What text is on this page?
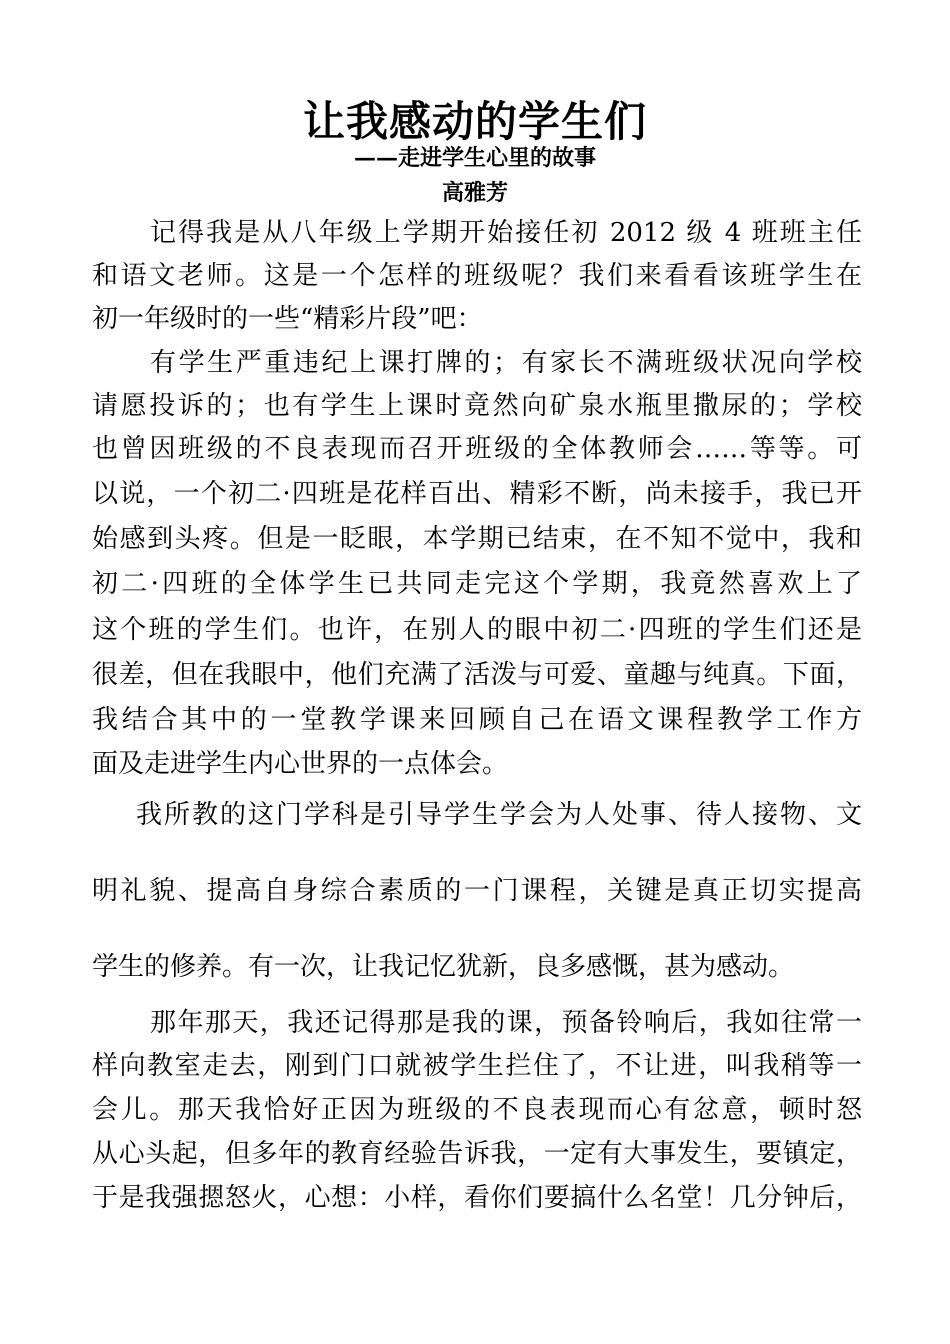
让我感动的学生们
——走进学生心里的故事
高雅芳
记得我是从八年级上学期开始接任初 2012 级 4 班班主任
和语文老师。这是一个怎样的班级呢？我们来看看该班学生在
初一年级时的一些“精彩片段”吧：
有学生严重违纪上课打牌的；有家长不满班级状况向学校
请愿投诉的；也有学生上课时竟然向矿泉水瓶里撒尿的；学校
也曾因班级的不良表现而召开班级的全体教师会……等等。可
以说，一个初二·四班是花样百出、精彩不断，尚未接手，我已开
始感到头疼。但是一眨眼，本学期已结束，在不知不觉中，我和
初二·四班的全体学生已共同走完这个学期，我竟然喜欢上了
这个班的学生们。也许，在别人的眼中初二·四班的学生们还是
很差，但在我眼中，他们充满了活泼与可爱、童趣与纯真。下面，
我结合其中的一堂教学课来回顾自己在语文课程教学工作方
面及走进学生内心世界的一点体会。
我所教的这门学科是引导学生学会为人处事、待人接物、文
明礼貌、提高自身综合素质的一门课程，关键是真正切实提高
学生的修养。有一次，让我记忆犹新，良多感慨，甚为感动。
那年那天，我还记得那是我的课，预备铃响后，我如往常一
样向教室走去，刚到门口就被学生拦住了，不让进，叫我稍等一
会儿。那天我恰好正因为班级的不良表现而心有忿意，顿时怒
从心头起，但多年的教育经验告诉我，一定有大事发生，要镇定，
于是我强摁怒火，心想：小样，看你们要搞什么名堂！几分钟后，
